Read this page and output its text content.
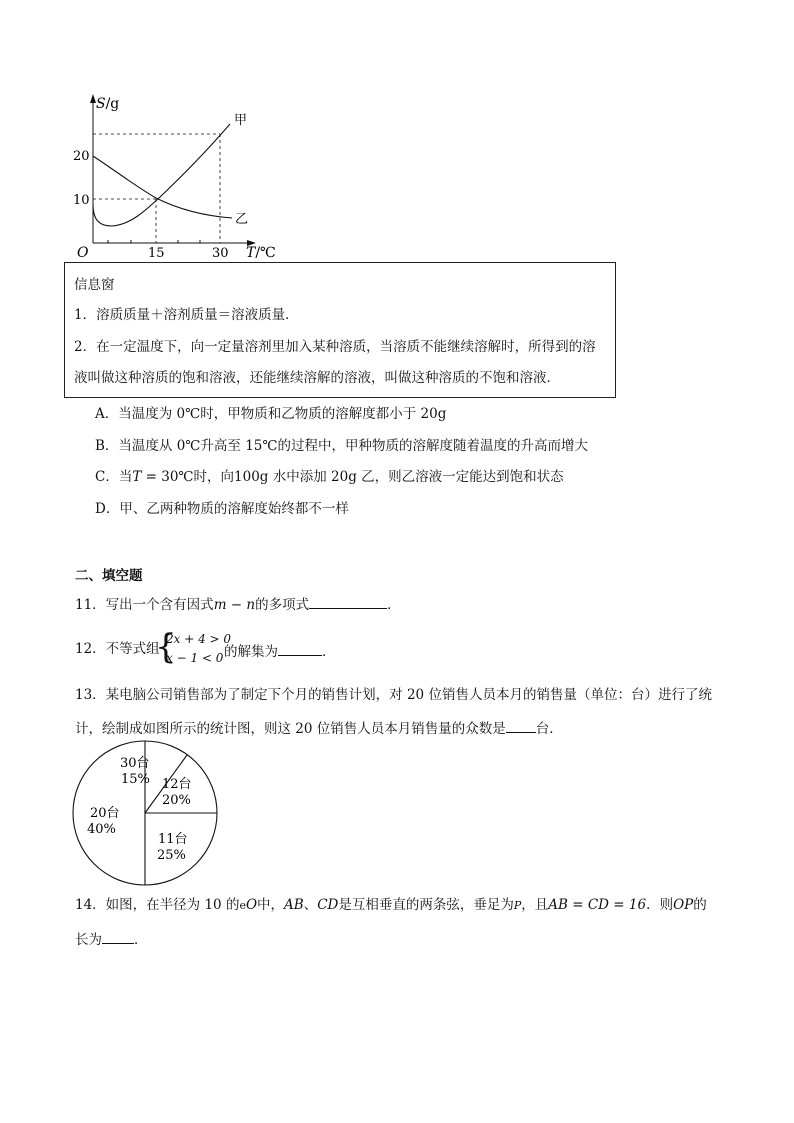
S/g
20
10
O	15	30 T/℃
甲
乙
信息窗
1．溶质质量＋溶剂质量＝溶液质量．
2．在一定温度下，向一定量溶剂里加入某种溶质，当溶质不能继续溶解时，所得到的溶
液叫做这种溶质的饱和溶液，还能继续溶解的溶液，叫做这种溶质的不饱和溶液．
A．当温度为 0℃时，甲物质和乙物质的溶解度都小于 20g
B．当温度从 0℃升高至 15℃的过程中，甲种物质的溶解度随着温度的升高而增大
C．当T = 30℃时，向100g 水中添加 20g 乙，则乙溶液一定能达到饱和状态
D．甲、乙两种物质的溶解度始终都不一样
二、填空题
11．写出一个含有因式m − n的多项式	．
12．不等式组
{
2x + 4 > 0
x − 1 < 0 的解集为	．
13．某电脑公司销售部为了制定下个月的销售计划，对 20 位销售人员本月的销售量（单位：台）进行了统
计，绘制成如图所示的统计图，则这 20 位销售人员本月销售量的众数是 台．
30台
15% 12台
20%
11台
25%
20台
40%
14．如图，在半径为 10 的eO中，AB、CD是互相垂直的两条弦，垂足为P，且AB = CD = 16．则OP的
长为 ．
